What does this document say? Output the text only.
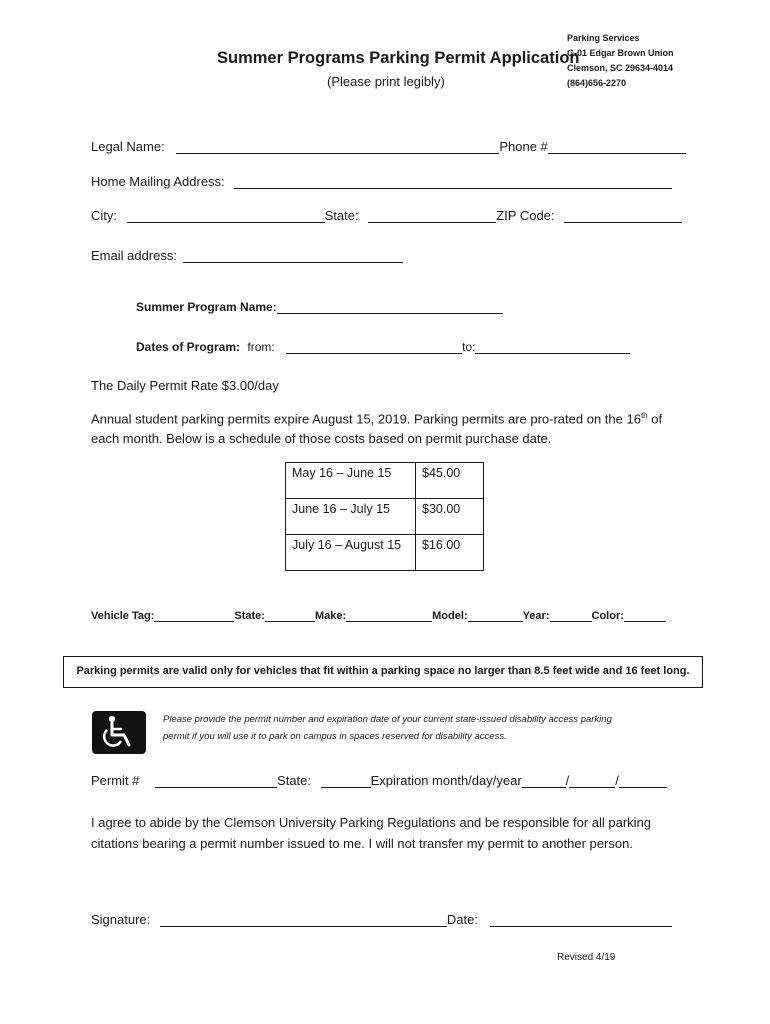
Summer Programs Parking Permit Application
(Please print legibly)
Parking Services
G-01 Edgar Brown Union
Clemson, SC 29634-4014
(864)656-2270
Legal Name:	Phone #
Home Mailing Address:
City:	State:	ZIP Code:
Email address:
Summer Program Name:
Dates of Program: from:	to:
The Daily Permit Rate $3.00/day
Annual student parking permits expire August 15, 2019. Parking permits are pro-rated on the 16th of
each month. Below is a schedule of those costs based on permit purchase date.
May 16 – June 15	$45.00
June 16 – July 15	$30.00
July 16 – August 15	$16.00
Vehicle Tag:	State:	Make:	Model:	Year:	Color:
Parking permits are valid only for vehicles that fit within a parking space no larger than 8.5 feet wide and 16 feet long.
Please provide the permit number and expiration date of your current state-issued disability access parking
permit if you will use it to park on campus in spaces reserved for disability access.
Permit #	State:	Expiration month/day/year	/	/
I agree to abide by the Clemson University Parking Regulations and be responsible for all parking
citations bearing a permit number issued to me. I will not transfer my permit to another person.
Signature:	Date:
Revised 4/19
